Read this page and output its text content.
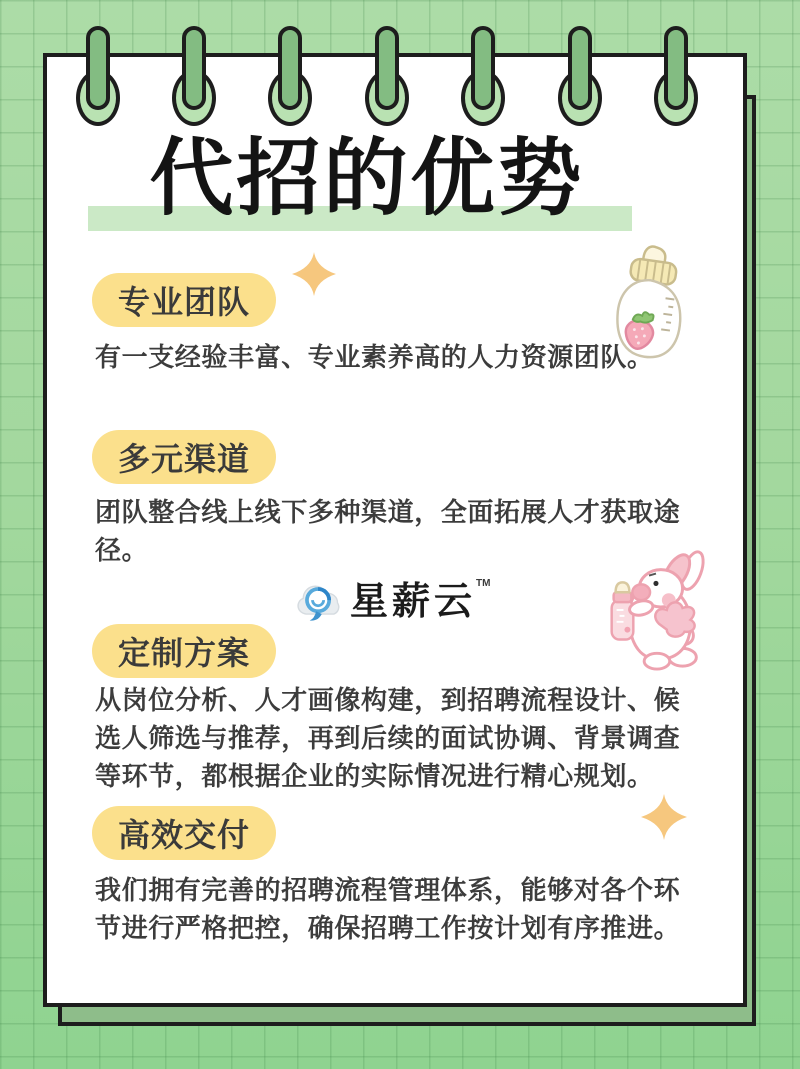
代招的优势
专业团队

有一支经验丰富、专业素养高的人力资源团队。

多元渠道

团队整合线上线下多种渠道，全面拓展人才获取途径。

定制方案

从岗位分析、人才画像构建，到招聘流程设计、候选人筛选与推荐，再到后续的面试协调、背景调查等环节，都根据企业的实际情况进行精心规划。

高效交付

我们拥有完善的招聘流程管理体系，能够对各个环节进行严格把控，确保招聘工作按计划有序推进。

星薪云 TM
